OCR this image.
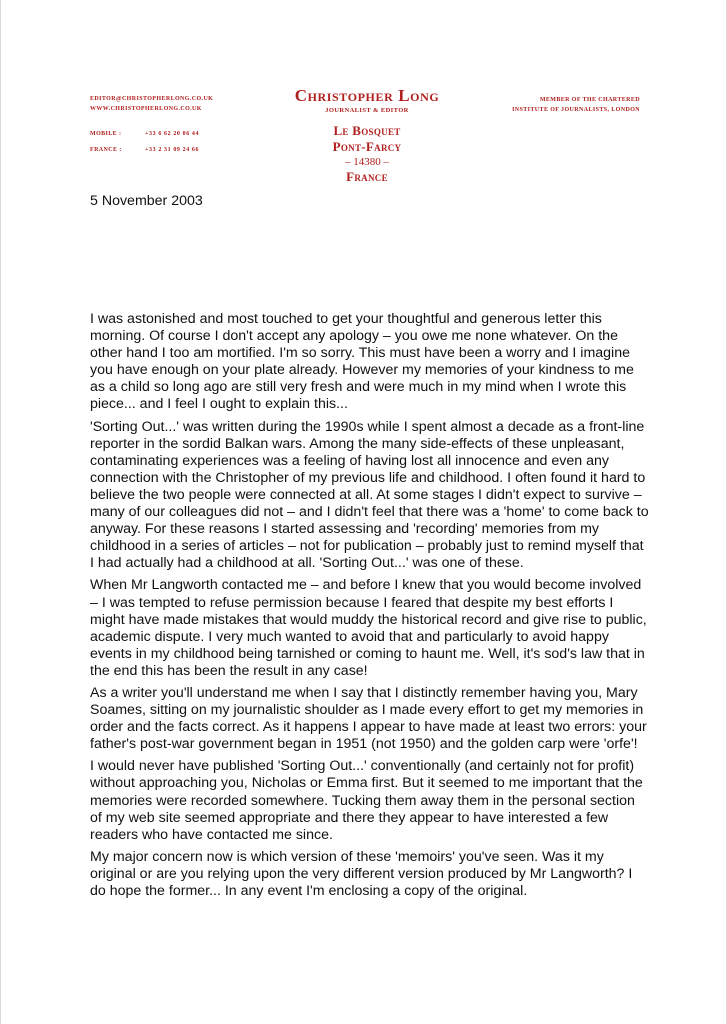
EDITOR@CHRISTOPHERLONG.CO.UK
WWW.CHRISTOPHERLONG.CO.UK
MOBILE :	+33 6 62 20 06 44
FRANCE :	+33 2 31 09 24 66
Christopher Long
JOURNALIST & EDITOR
Le Bosquet
Pont-Farcy
– 14380 –
France
MEMBER OF THE CHARTERED
INSTITUTE OF JOURNALISTS, LONDON
5 November 2003

I was astonished and most touched to get your thoughtful and generous letter this morning. Of course I don't accept any apology – you owe me none whatever. On the other hand I too am mortified. I'm so sorry. This must have been a worry and I imagine you have enough on your plate already. However my memories of your kindness to me as a child so long ago are still very fresh and were much in my mind when I wrote this piece... and I feel I ought to explain this...

'Sorting Out...' was written during the 1990s while I spent almost a decade as a front-line reporter in the sordid Balkan wars. Among the many side-effects of these unpleasant, contaminating experiences was a feeling of having lost all innocence and even any connection with the Christopher of my previous life and childhood. I often found it hard to believe the two people were connected at all. At some stages I didn't expect to survive – many of our colleagues did not – and I didn't feel that there was a 'home' to come back to anyway. For these reasons I started assessing and 'recording' memories from my childhood in a series of articles – not for publication – probably just to remind myself that I had actually had a childhood at all. 'Sorting Out...' was one of these.

When Mr Langworth contacted me – and before I knew that you would become involved – I was tempted to refuse permission because I feared that despite my best efforts I might have made mistakes that would muddy the historical record and give rise to public, academic dispute. I very much wanted to avoid that and particularly to avoid happy events in my childhood being tarnished or coming to haunt me. Well, it's sod's law that in the end this has been the result in any case!

As a writer you'll understand me when I say that I distinctly remember having you, Mary Soames, sitting on my journalistic shoulder as I made every effort to get my memories in order and the facts correct. As it happens I appear to have made at least two errors: your father's post-war government began in 1951 (not 1950) and the golden carp were 'orfe'!

I would never have published 'Sorting Out...' conventionally (and certainly not for profit) without approaching you, Nicholas or Emma first. But it seemed to me important that the memories were recorded somewhere. Tucking them away them in the personal section of my web site seemed appropriate and there they appear to have interested a few readers who have contacted me since.

My major concern now is which version of these 'memoirs' you've seen. Was it my original or are you relying upon the very different version produced by Mr Langworth? I do hope the former... In any event I'm enclosing a copy of the original.
